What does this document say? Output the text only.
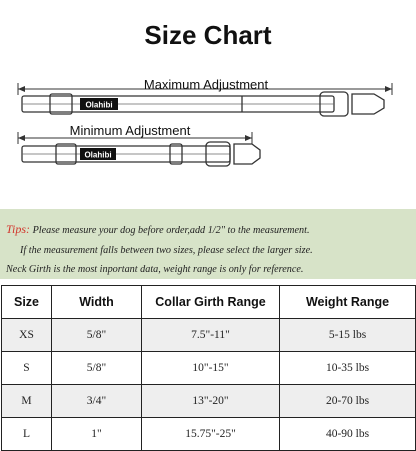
Size Chart
Maximum Adjustment
Olahibi
Minimum Adjustment
Olahibi
Tips: Please measure your dog before order,add 1/2" to the measurement.
If the measurement falls between two sizes, please select the larger size.
Neck Girth is the most inportant data, weight range is only for reference.
Size	Width	Collar Girth Range	Weight Range
XS	5/8"	7.5"-11"	5-15 lbs
S	5/8"	10"-15"	10-35 lbs
M	3/4"	13"-20"	20-70 lbs
L	1"	15.75"-25"	40-90 lbs
